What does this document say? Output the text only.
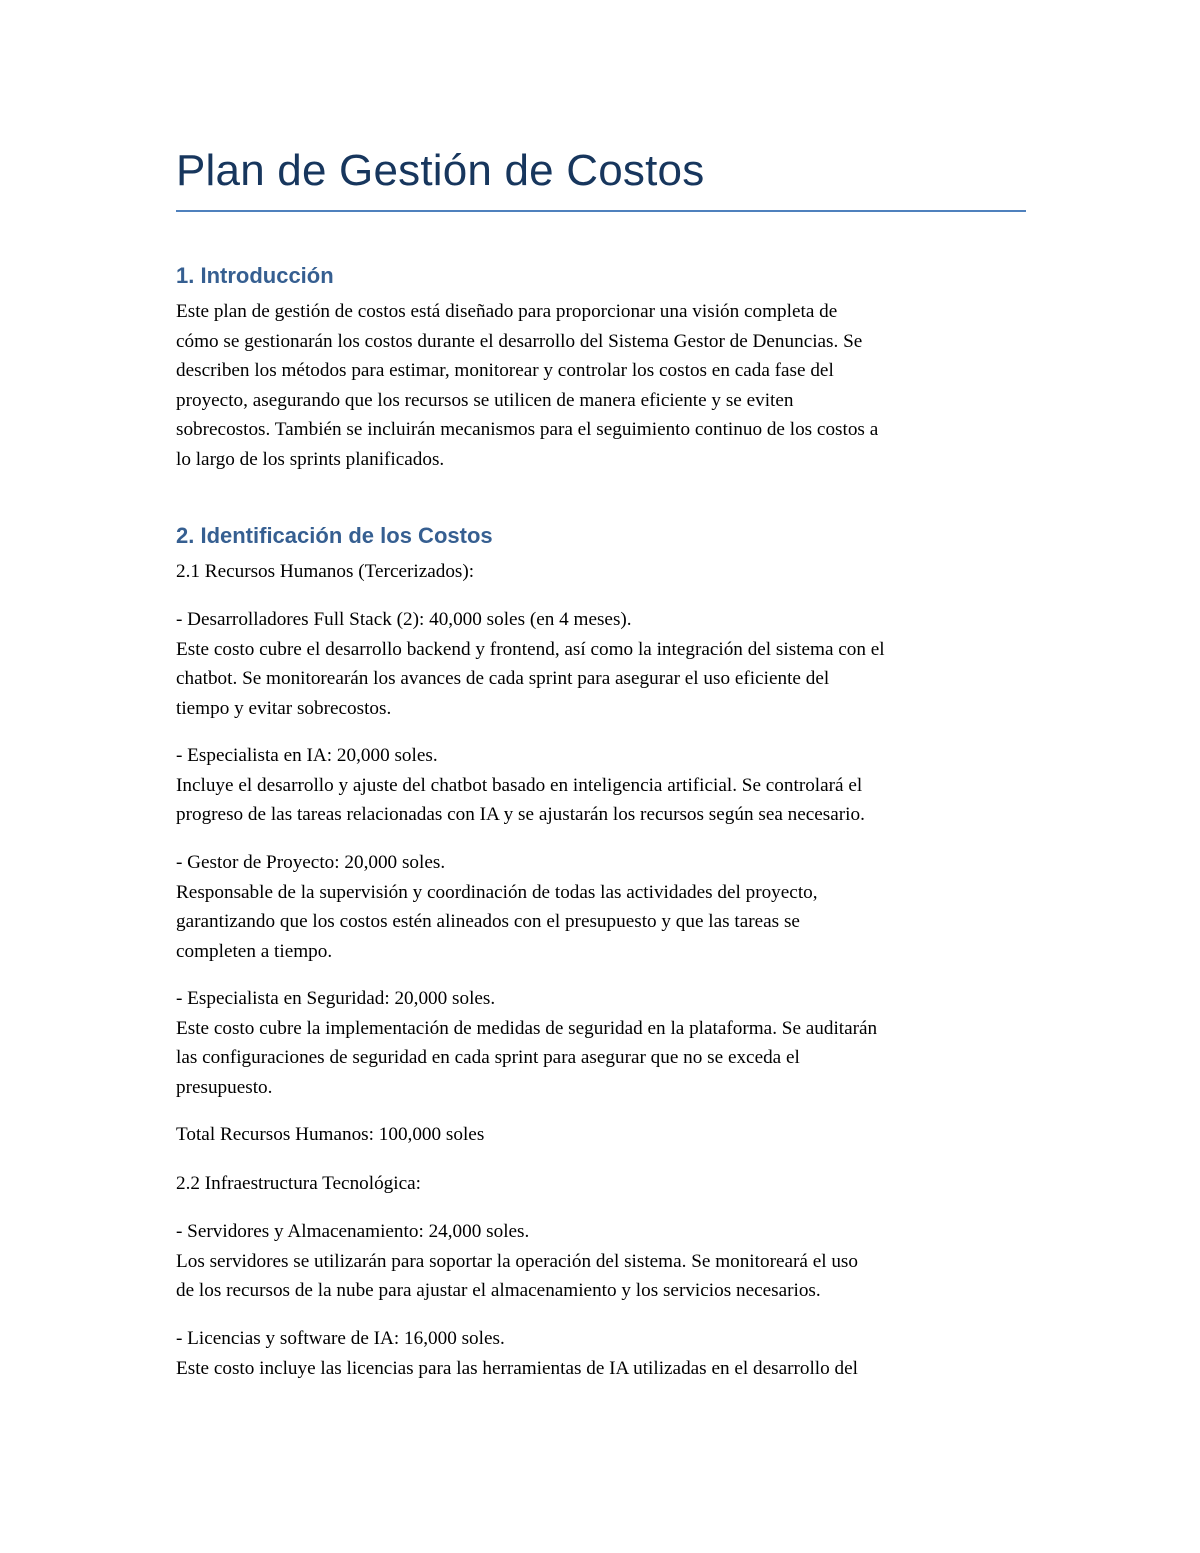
Plan de Gestión de Costos
1. Introducción
Este plan de gestión de costos está diseñado para proporcionar una visión completa de
cómo se gestionarán los costos durante el desarrollo del Sistema Gestor de Denuncias. Se
describen los métodos para estimar, monitorear y controlar los costos en cada fase del
proyecto, asegurando que los recursos se utilicen de manera eficiente y se eviten
sobrecostos. También se incluirán mecanismos para el seguimiento continuo de los costos a
lo largo de los sprints planificados.
2. Identificación de los Costos
2.1 Recursos Humanos (Tercerizados):
- Desarrolladores Full Stack (2): 40,000 soles (en 4 meses).
Este costo cubre el desarrollo backend y frontend, así como la integración del sistema con el
chatbot. Se monitorearán los avances de cada sprint para asegurar el uso eficiente del
tiempo y evitar sobrecostos.
- Especialista en IA: 20,000 soles.
Incluye el desarrollo y ajuste del chatbot basado en inteligencia artificial. Se controlará el
progreso de las tareas relacionadas con IA y se ajustarán los recursos según sea necesario.
- Gestor de Proyecto: 20,000 soles.
Responsable de la supervisión y coordinación de todas las actividades del proyecto,
garantizando que los costos estén alineados con el presupuesto y que las tareas se
completen a tiempo.
- Especialista en Seguridad: 20,000 soles.
Este costo cubre la implementación de medidas de seguridad en la plataforma. Se auditarán
las configuraciones de seguridad en cada sprint para asegurar que no se exceda el
presupuesto.
Total Recursos Humanos: 100,000 soles
2.2 Infraestructura Tecnológica:
- Servidores y Almacenamiento: 24,000 soles.
Los servidores se utilizarán para soportar la operación del sistema. Se monitoreará el uso
de los recursos de la nube para ajustar el almacenamiento y los servicios necesarios.
- Licencias y software de IA: 16,000 soles.
Este costo incluye las licencias para las herramientas de IA utilizadas en el desarrollo del
